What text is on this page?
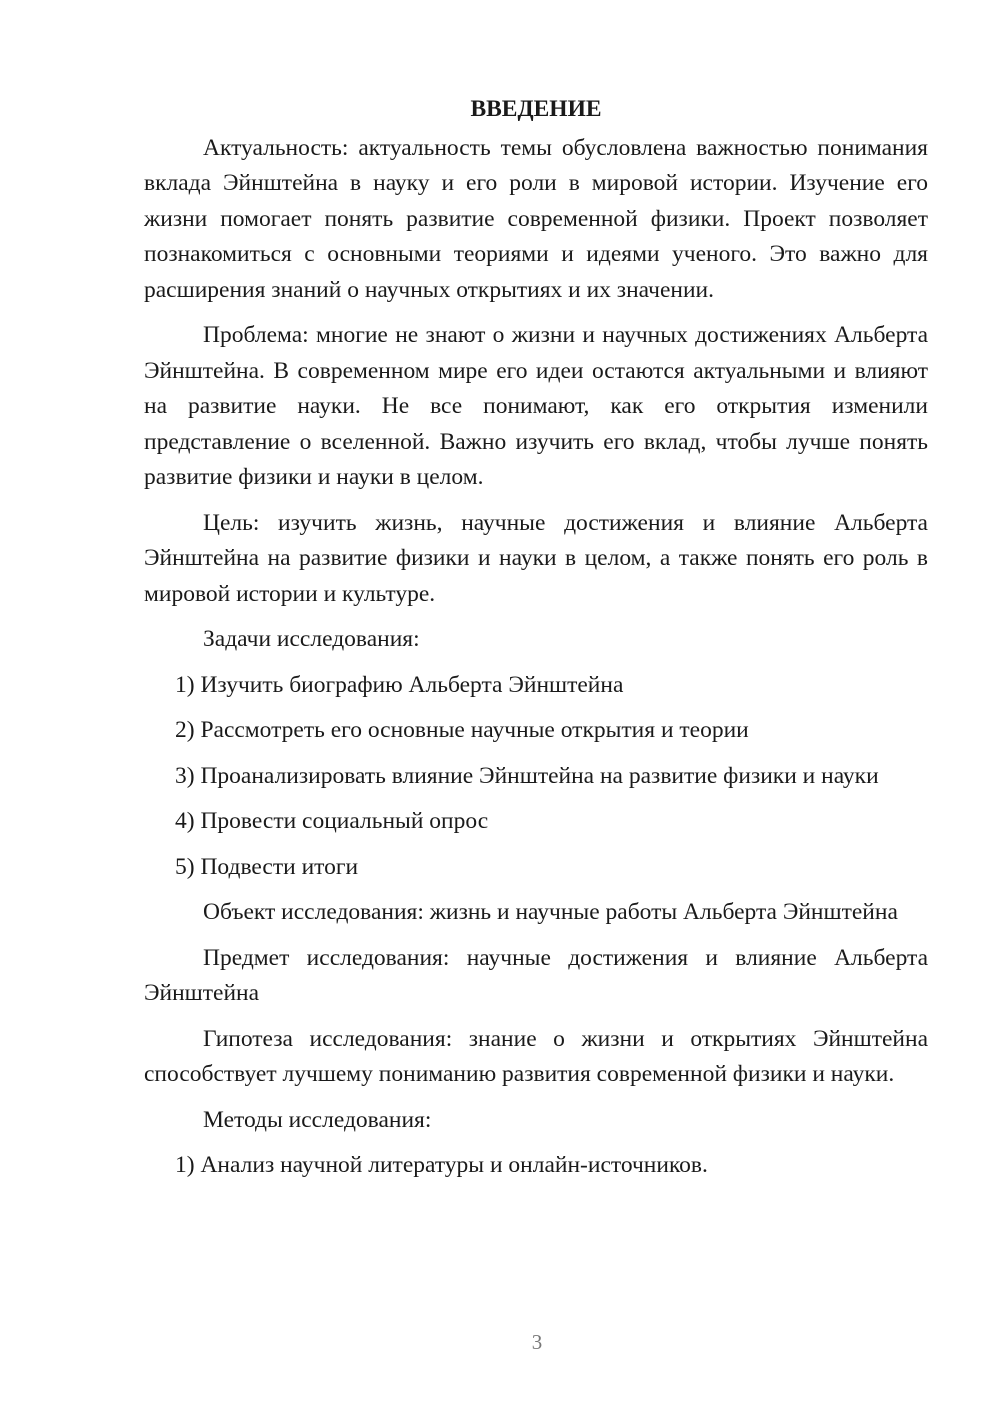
ВВЕДЕНИЕ

Актуальность: актуальность темы обусловлена важностью понимания вклада Эйнштейна в науку и его роли в мировой истории. Изучение его жизни помогает понять развитие современной физики. Проект позволяет познакомиться с основными теориями и идеями ученого. Это важно для расширения знаний о научных открытиях и их значении.

Проблема: многие не знают о жизни и научных достижениях Альберта Эйнштейна. В современном мире его идеи остаются актуальными и влияют на развитие науки. Не все понимают, как его открытия изменили представление о вселенной. Важно изучить его вклад, чтобы лучше понять развитие физики и науки в целом.

Цель: изучить жизнь, научные достижения и влияние Альберта Эйнштейна на развитие физики и науки в целом, а также понять его роль в мировой истории и культуре.

Задачи исследования:
1) Изучить биографию Альберта Эйнштейна
2) Рассмотреть его основные научные открытия и теории
3) Проанализировать влияние Эйнштейна на развитие физики и науки
4) Провести социальный опрос
5) Подвести итоги

Объект исследования: жизнь и научные работы Альберта Эйнштейна

Предмет исследования: научные достижения и влияние Альберта Эйнштейна

Гипотеза исследования: знание о жизни и открытиях Эйнштейна способствует лучшему пониманию развития современной физики и науки.

Методы исследования:
1) Анализ научной литературы и онлайн-источников.
3
